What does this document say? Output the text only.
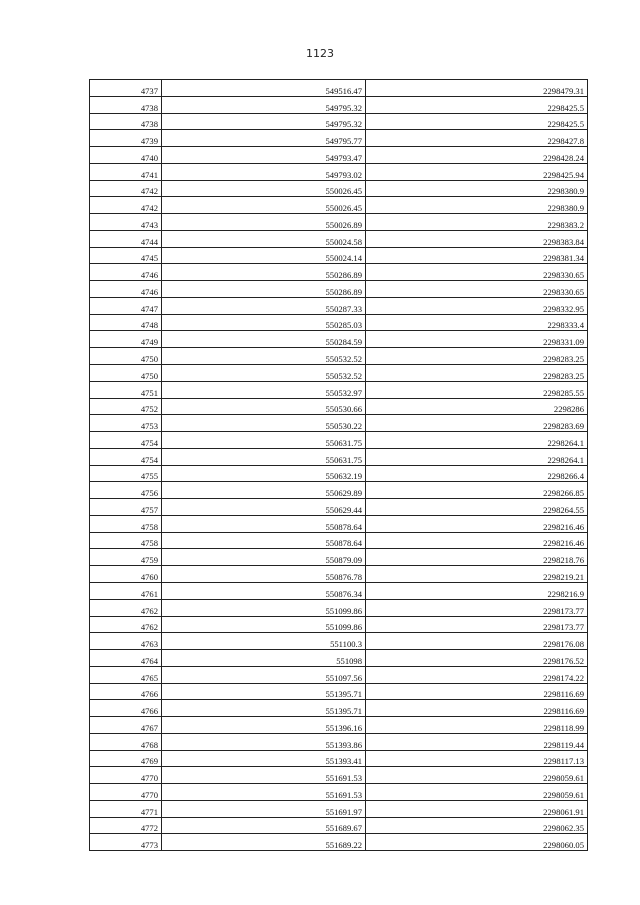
1123
4737	549516.47	2298479.31
4738	549795.32	2298425.5
4738	549795.32	2298425.5
4739	549795.77	2298427.8
4740	549793.47	2298428.24
4741	549793.02	2298425.94
4742	550026.45	2298380.9
4742	550026.45	2298380.9
4743	550026.89	2298383.2
4744	550024.58	2298383.84
4745	550024.14	2298381.34
4746	550286.89	2298330.65
4746	550286.89	2298330.65
4747	550287.33	2298332.95
4748	550285.03	2298333.4
4749	550284.59	2298331.09
4750	550532.52	2298283.25
4750	550532.52	2298283.25
4751	550532.97	2298285.55
4752	550530.66	2298286
4753	550530.22	2298283.69
4754	550631.75	2298264.1
4754	550631.75	2298264.1
4755	550632.19	2298266.4
4756	550629.89	2298266.85
4757	550629.44	2298264.55
4758	550878.64	2298216.46
4758	550878.64	2298216.46
4759	550879.09	2298218.76
4760	550876.78	2298219.21
4761	550876.34	2298216.9
4762	551099.86	2298173.77
4762	551099.86	2298173.77
4763	551100.3	2298176.08
4764	551098	2298176.52
4765	551097.56	2298174.22
4766	551395.71	2298116.69
4766	551395.71	2298116.69
4767	551396.16	2298118.99
4768	551393.86	2298119.44
4769	551393.41	2298117.13
4770	551691.53	2298059.61
4770	551691.53	2298059.61
4771	551691.97	2298061.91
4772	551689.67	2298062.35
4773	551689.22	2298060.05
